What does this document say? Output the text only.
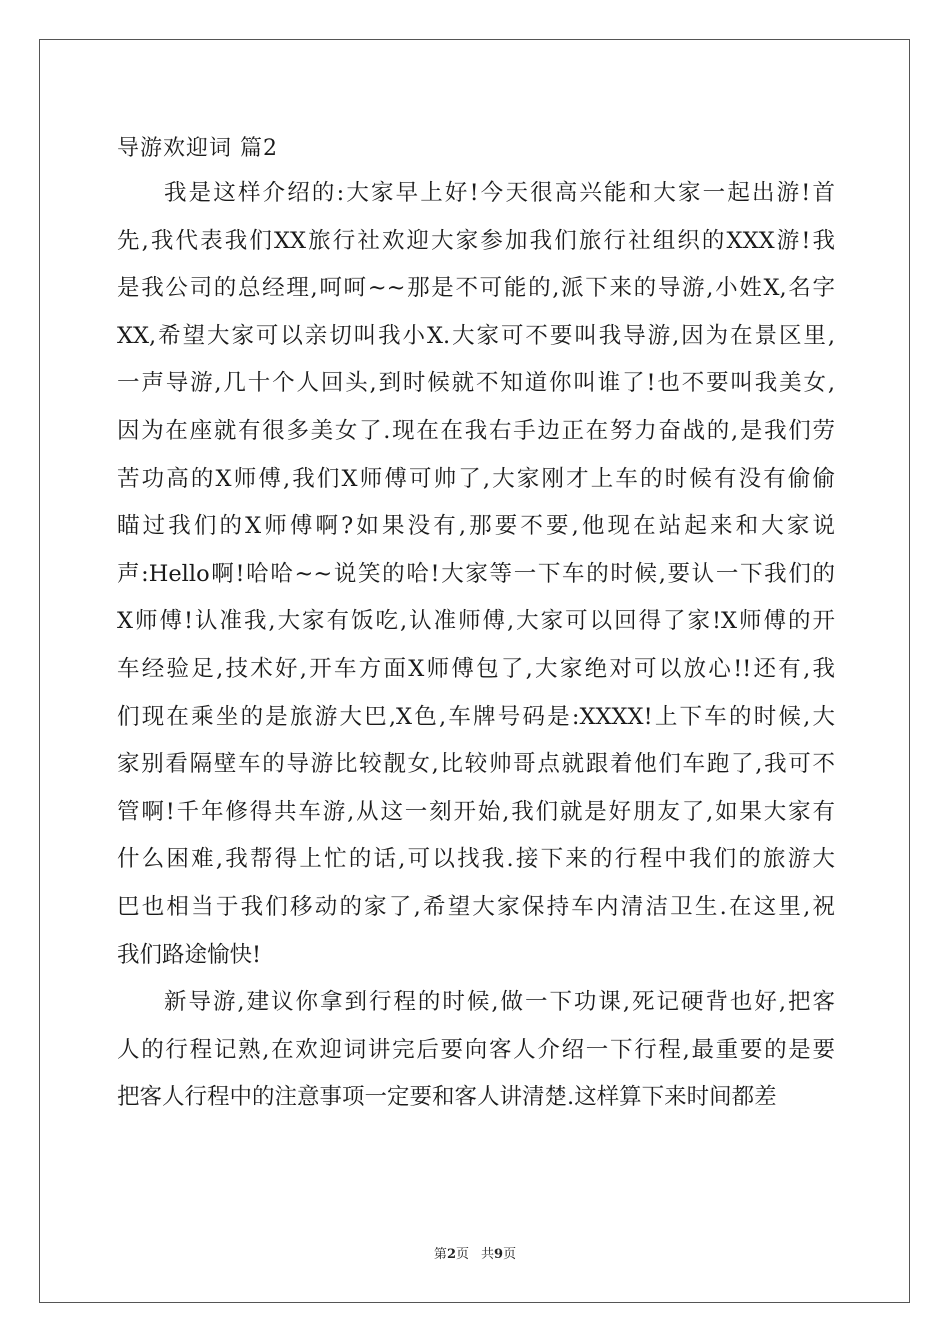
导游欢迎词 篇2
我是这样介绍的:大家早上好!今天很高兴能和大家一起出游!首
先,我代表我们XX旅行社欢迎大家参加我们旅行社组织的XXX游!我
是我公司的总经理,呵呵~~那是不可能的,派下来的导游,小姓X,名字
XX,希望大家可以亲切叫我小X.大家可不要叫我导游,因为在景区里,
一声导游,几十个人回头,到时候就不知道你叫谁了!也不要叫我美女,
因为在座就有很多美女了.现在在我右手边正在努力奋战的,是我们劳
苦功高的X师傅,我们X师傅可帅了,大家刚才上车的时候有没有偷偷
瞄过我们的X师傅啊?如果没有,那要不要,他现在站起来和大家说
声:Hello啊!哈哈~~说笑的哈!大家等一下车的时候,要认一下我们的
X师傅!认准我,大家有饭吃,认准师傅,大家可以回得了家!X师傅的开
车经验足,技术好,开车方面X师傅包了,大家绝对可以放心!!还有,我
们现在乘坐的是旅游大巴,X色,车牌号码是:XXXX!上下车的时候,大
家别看隔壁车的导游比较靓女,比较帅哥点就跟着他们车跑了,我可不
管啊!千年修得共车游,从这一刻开始,我们就是好朋友了,如果大家有
什么困难,我帮得上忙的话,可以找我.接下来的行程中我们的旅游大
巴也相当于我们移动的家了,希望大家保持车内清洁卫生.在这里,祝
我们路途愉快!
新导游,建议你拿到行程的时候,做一下功课,死记硬背也好,把客
人的行程记熟,在欢迎词讲完后要向客人介绍一下行程,最重要的是要
把客人行程中的注意事项一定要和客人讲清楚.这样算下来时间都差
第2页 共9页
